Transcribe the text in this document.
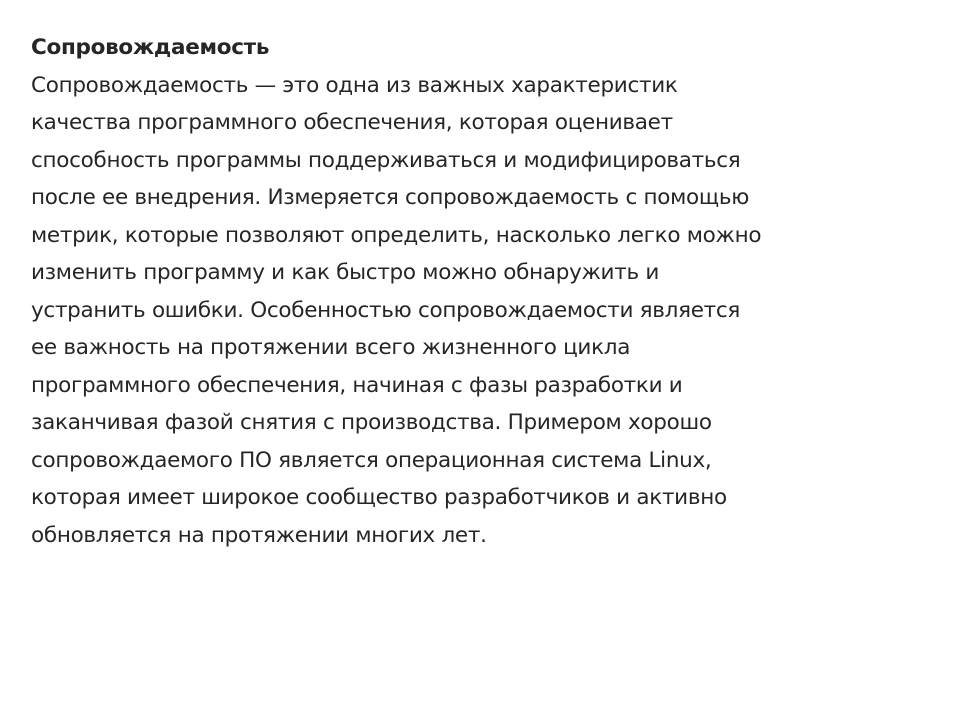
Сопровождаемость
Сопровождаемость — это одна из важных характеристик
качества программного обеспечения, которая оценивает
способность программы поддерживаться и модифицироваться
после ее внедрения. Измеряется сопровождаемость с помощью
метрик, которые позволяют определить, насколько легко можно
изменить программу и как быстро можно обнаружить и
устранить ошибки. Особенностью сопровождаемости является
ее важность на протяжении всего жизненного цикла
программного обеспечения, начиная с фазы разработки и
заканчивая фазой снятия с производства. Примером хорошо
сопровождаемого ПО является операционная система Linux,
которая имеет широкое сообщество разработчиков и активно
обновляется на протяжении многих лет.
